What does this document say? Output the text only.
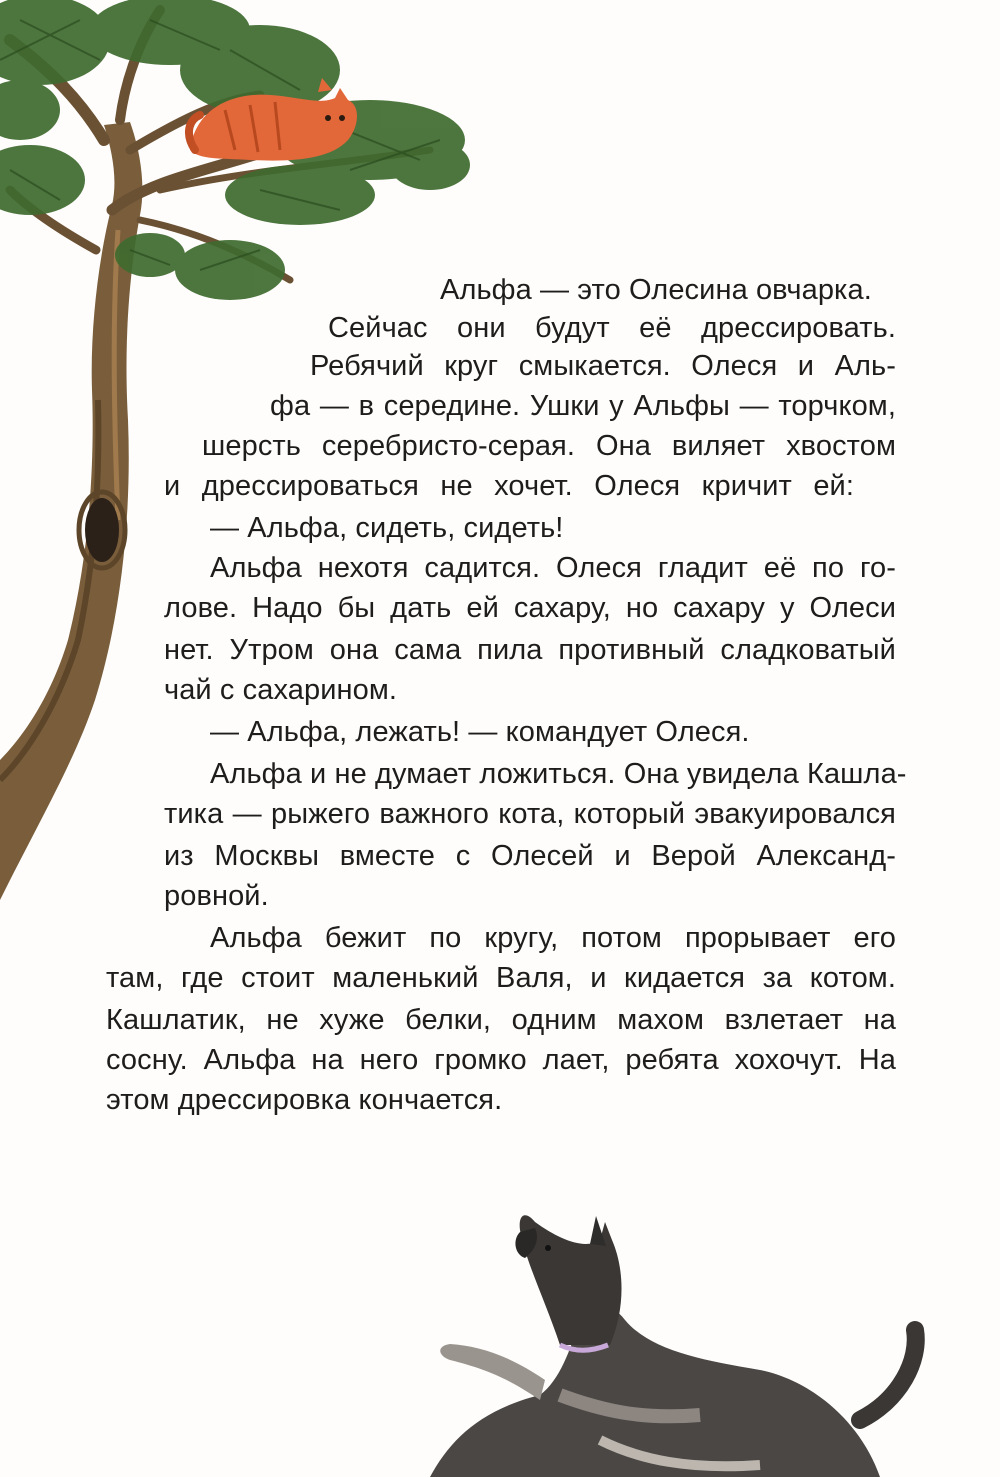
Альфа — это Олесина овчарка.
Сейчас они будут её дрессировать.
Ребячий круг смыкается. Олеся и Аль-
фа — в середине. Ушки у Альфы — торчком,
шерсть серебристо-серая. Она виляет хвостом
и дрессироваться не хочет. Олеся кричит ей:
— Альфа, сидеть, сидеть!
Альфа нехотя садится. Олеся гладит её по го-
лове. Надо бы дать ей сахару, но сахару у Олеси
нет. Утром она сама пила противный сладковатый
чай с сахарином.
— Альфа, лежать! — командует Олеся.
Альфа и не думает ложиться. Она увидела Кашла-
тика — рыжего важного кота, который эвакуировался
из Москвы вместе с Олесей и Верой Александ-
ровной.
Альфа бежит по кругу, потом прорывает его
там, где стоит маленький Валя, и кидается за котом.
Кашлатик, не хуже белки, одним махом взлетает на
сосну. Альфа на него громко лает, ребята хохочут. На
этом дрессировка кончается.
